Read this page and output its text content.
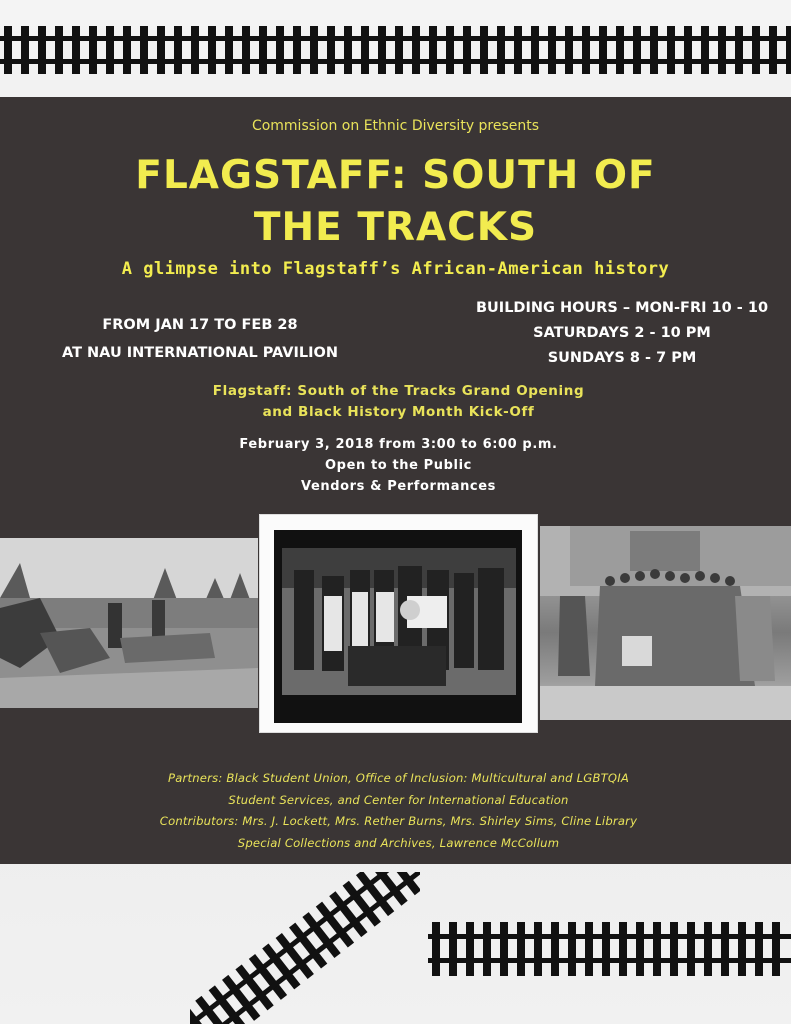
Commission on Ethnic Diversity presents
FLAGSTAFF: SOUTH OF
THE TRACKS
A glimpse into Flagstaff’s African-American history
FROM JAN 17 TO FEB 28
AT NAU INTERNATIONAL PAVILION
BUILDING HOURS – MON-FRI 10 - 10
SATURDAYS 2 - 10 PM
SUNDAYS 8 - 7 PM
Flagstaff: South of the Tracks Grand Opening
and Black History Month Kick-Off
February 3, 2018 from 3:00 to 6:00 p.m.
Open to the Public
Vendors & Performances
Partners: Black Student Union, Office of Inclusion: Multicultural and LGBTQIA
Student Services, and Center for International Education
Contributors: Mrs. J. Lockett, Mrs. Rether Burns, Mrs. Shirley Sims, Cline Library
Special Collections and Archives, Lawrence McCollum
